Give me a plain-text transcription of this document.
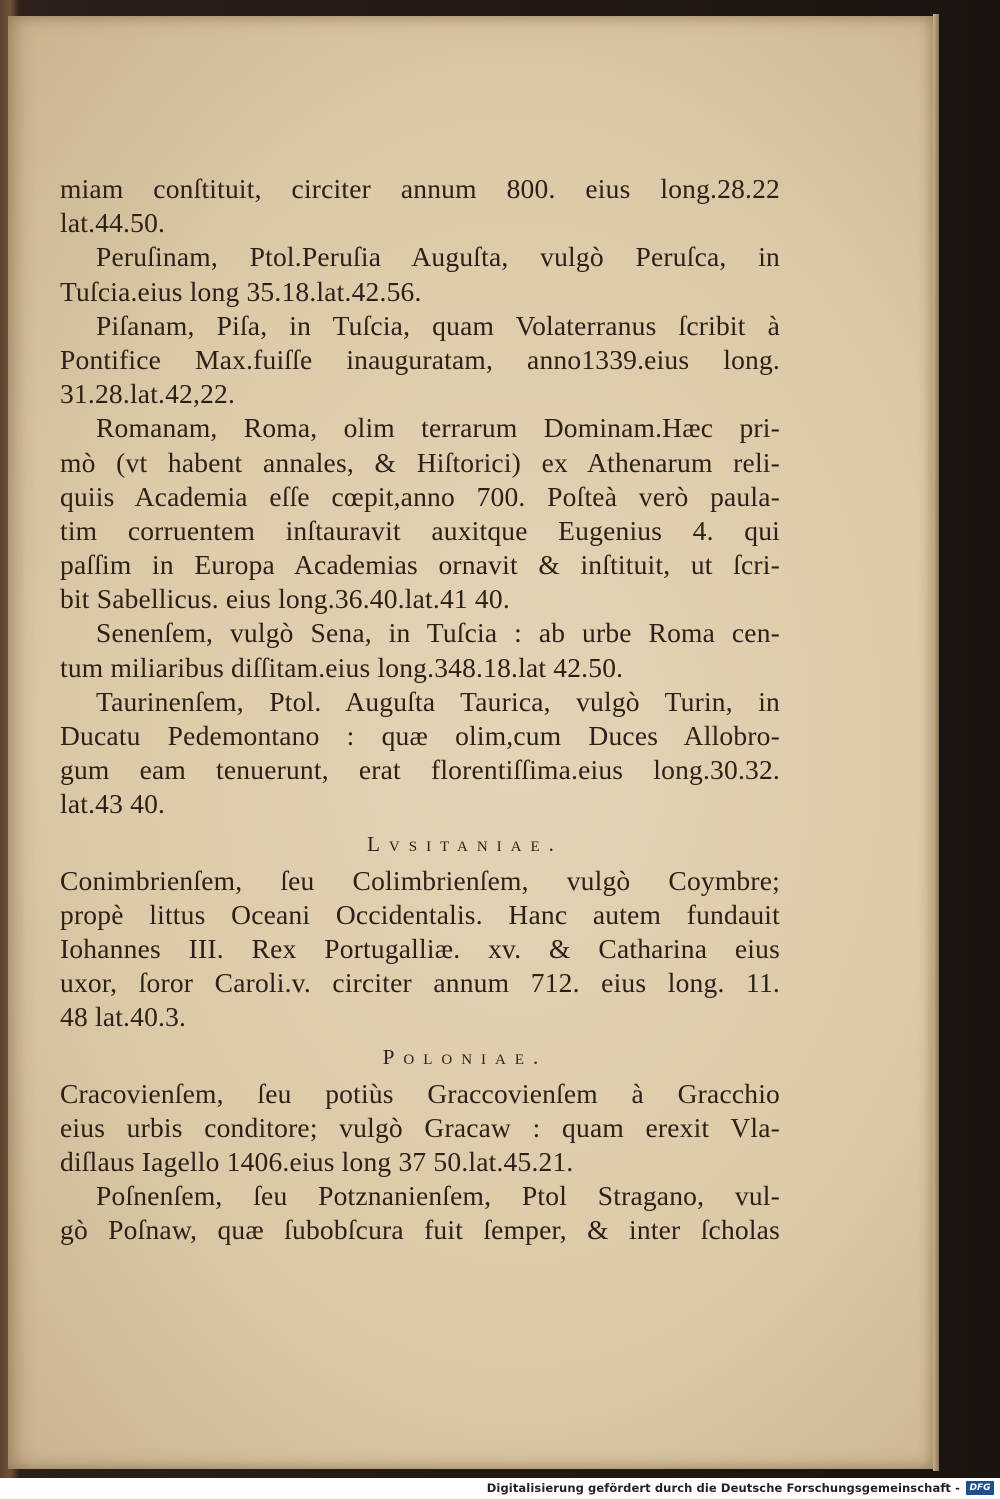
miam conſtituit, circiter annum 800. eius long.28.22
lat.44.50.
Peruſinam, Ptol.Peruſia Auguſta, vulgò Peruſca, in
Tuſcia.eius long 35.18.lat.42.56.
Piſanam, Piſa, in Tuſcia, quam Volaterranus ſcribit à
Pontifice Max.fuiſſe inauguratam, anno1339.eius long.
31.28.lat.42,22.
Romanam, Roma, olim terrarum Dominam.Hæc pri-
mò (vt habent annales, & Hiſtorici) ex Athenarum reli-
quiis Academia eſſe cœpit,anno 700. Poſteà verò paula-
tim corruentem inſtauravit auxitque Eugenius 4. qui
paſſim in Europa Academias ornavit & inſtituit, ut ſcri-
bit Sabellicus. eius long.36.40.lat.41 40.
Senenſem, vulgò Sena, in Tuſcia : ab urbe Roma cen-
tum miliaribus diſſitam.eius long.348.18.lat 42.50.
Taurinenſem, Ptol. Auguſta Taurica, vulgò Turin, in
Ducatu Pedemontano : quæ olim,cum Duces Allobro-
gum eam tenuerunt, erat florentiſſima.eius long.30.32.
lat.43 40.
Lvsitaniae.
Conimbrienſem, ſeu Colimbrienſem, vulgò Coymbre;
propè littus Oceani Occidentalis. Hanc autem fundauit
Iohannes III. Rex Portugalliæ. xv. & Catharina eius
uxor, ſoror Caroli.v. circiter annum 712. eius long. 11.
48 lat.40.3.
Poloniae.
Cracovienſem, ſeu potiùs Graccovienſem à Gracchio
eius urbis conditore; vulgò Gracaw : quam erexit Vla-
diſlaus Iagello 1406.eius long 37 50.lat.45.21.
Poſnenſem, ſeu Potznanienſem, Ptol Stragano, vul-
gò Poſnaw, quæ ſubobſcura fuit ſemper, & inter ſcholas
Digitalisierung gefördert durch die Deutsche Forschungsgemeinschaft -	DFG
